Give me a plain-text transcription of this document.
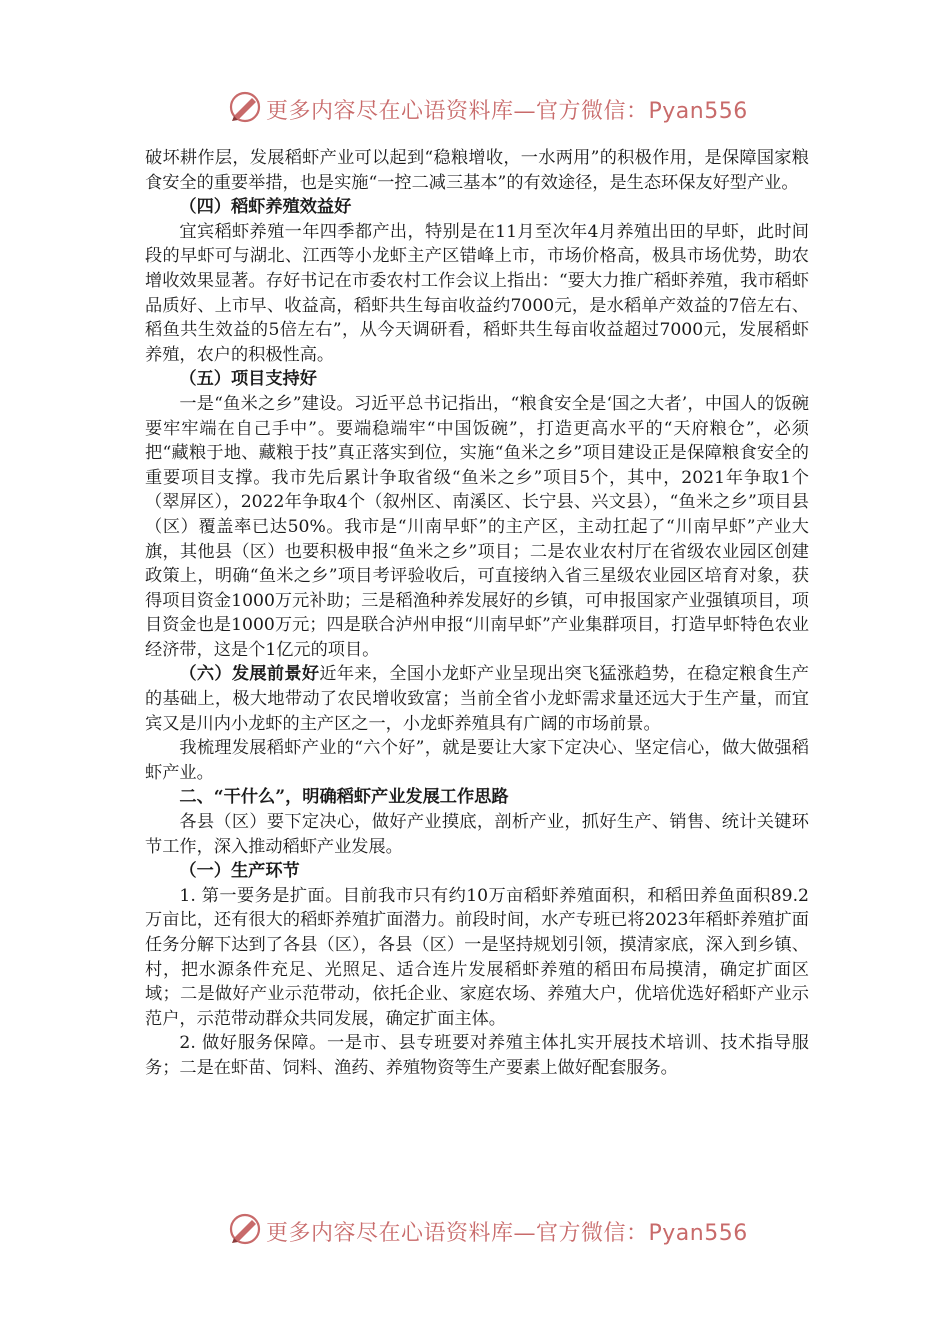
更多内容尽在心语资料库—官方微信：Pyan556

破坏耕作层，发展稻虾产业可以起到“稳粮增收，一水两用”的积极作用，是保障国家粮食安全的重要举措，也是实施“一控二减三基本”的有效途径，是生态环保友好型产业。

（四）稻虾养殖效益好

宜宾稻虾养殖一年四季都产出，特别是在11月至次年4月养殖出田的早虾，此时间段的早虾可与湖北、江西等小龙虾主产区错峰上市，市场价格高，极具市场优势，助农增收效果显著。存好书记在市委农村工作会议上指出：“要大力推广稻虾养殖，我市稻虾品质好、上市早、收益高，稻虾共生每亩收益约7000元，是水稻单产效益的7倍左右、稻鱼共生效益的5倍左右”，从今天调研看，稻虾共生每亩收益超过7000元，发展稻虾养殖，农户的积极性高。

（五）项目支持好

一是“鱼米之乡”建设。习近平总书记指出，“粮食安全是‘国之大者’，中国人的饭碗要牢牢端在自己手中”。要端稳端牢“中国饭碗”，打造更高水平的“天府粮仓”，必须把“藏粮于地、藏粮于技”真正落实到位，实施“鱼米之乡”项目建设正是保障粮食安全的重要项目支撑。我市先后累计争取省级“鱼米之乡”项目5个，其中，2021年争取1个（翠屏区），2022年争取4个（叙州区、南溪区、长宁县、兴文县），“鱼米之乡”项目县（区）覆盖率已达50%。我市是“川南早虾”的主产区，主动扛起了“川南早虾”产业大旗，其他县（区）也要积极申报“鱼米之乡”项目；二是农业农村厅在省级农业园区创建政策上，明确“鱼米之乡”项目考评验收后，可直接纳入省三星级农业园区培育对象，获得项目资金1000万元补助；三是稻渔种养发展好的乡镇，可申报国家产业强镇项目，项目资金也是1000万元；四是联合泸州申报“川南早虾”产业集群项目，打造早虾特色农业经济带，这是个1亿元的项目。

（六）发展前景好近年来，全国小龙虾产业呈现出突飞猛涨趋势，在稳定粮食生产的基础上，极大地带动了农民增收致富；当前全省小龙虾需求量还远大于生产量，而宜宾又是川内小龙虾的主产区之一，小龙虾养殖具有广阔的市场前景。

我梳理发展稻虾产业的“六个好”，就是要让大家下定决心、坚定信心，做大做强稻虾产业。

二、“干什么”，明确稻虾产业发展工作思路

各县（区）要下定决心，做好产业摸底，剖析产业，抓好生产、销售、统计关键环节工作，深入推动稻虾产业发展。

（一）生产环节

1. 第一要务是扩面。目前我市只有约10万亩稻虾养殖面积，和稻田养鱼面积89.2万亩比，还有很大的稻虾养殖扩面潜力。前段时间，水产专班已将2023年稻虾养殖扩面任务分解下达到了各县（区），各县（区）一是坚持规划引领，摸清家底，深入到乡镇、村，把水源条件充足、光照足、适合连片发展稻虾养殖的稻田布局摸清，确定扩面区域；二是做好产业示范带动，依托企业、家庭农场、养殖大户，优培优选好稻虾产业示范户，示范带动群众共同发展，确定扩面主体。

2. 做好服务保障。一是市、县专班要对养殖主体扎实开展技术培训、技术指导服务；二是在虾苗、饲料、渔药、养殖物资等生产要素上做好配套服务。

更多内容尽在心语资料库—官方微信：Pyan556
